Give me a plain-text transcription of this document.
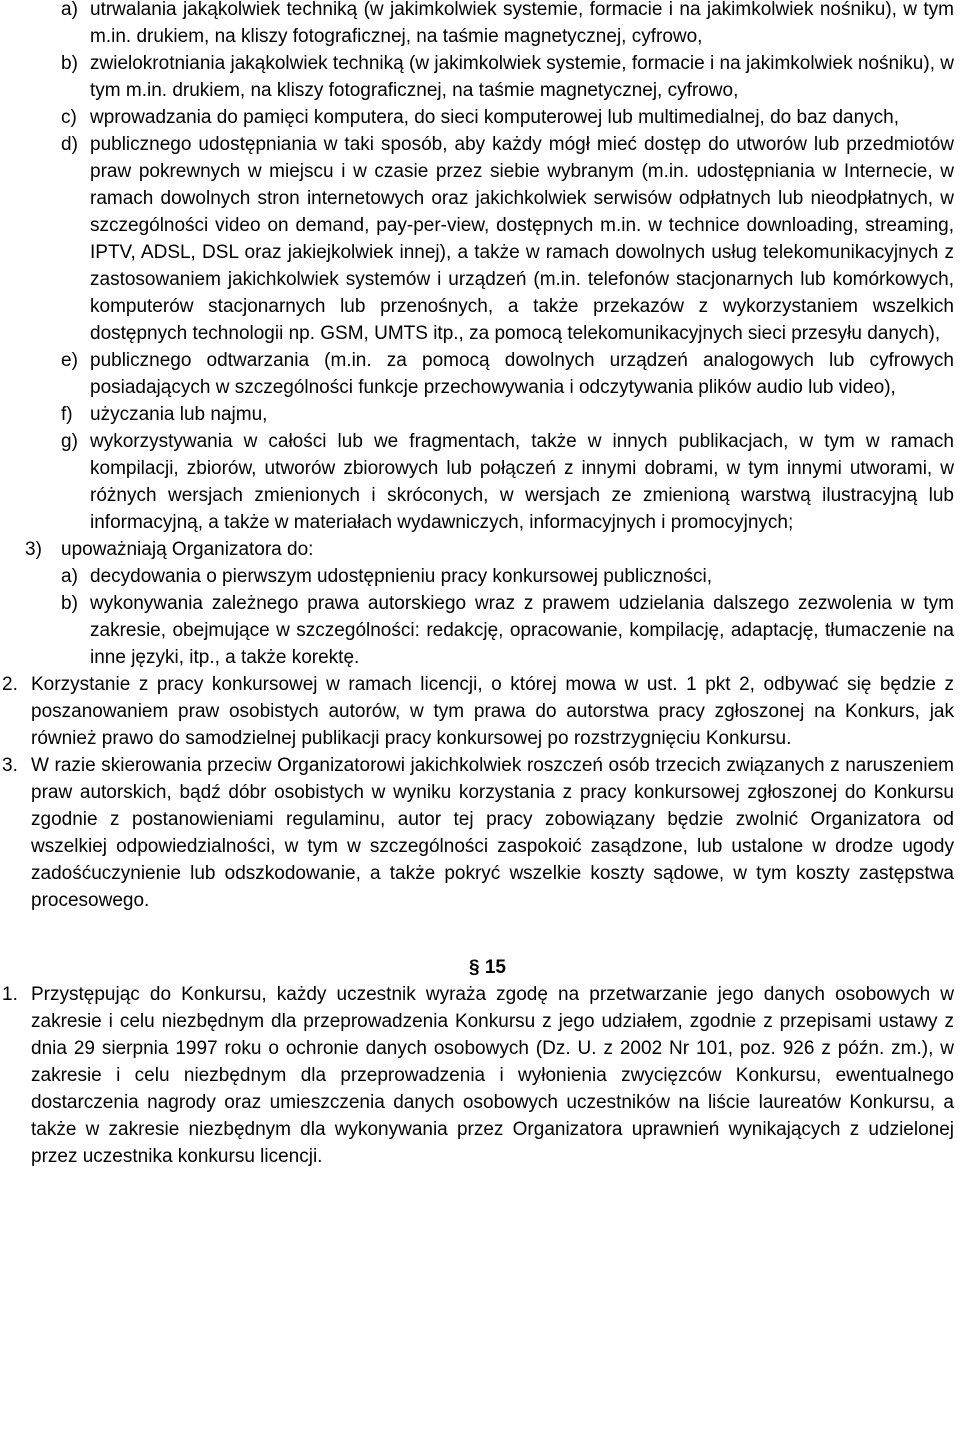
a) utrwalania jakąkolwiek techniką (w jakimkolwiek systemie, formacie i na jakimkolwiek nośniku), w tym m.in. drukiem, na kliszy fotograficznej, na taśmie magnetycznej, cyfrowo,
b) zwielokrotniania jakąkolwiek techniką (w jakimkolwiek systemie, formacie i na jakimkolwiek nośniku), w tym m.in. drukiem, na kliszy fotograficznej, na taśmie magnetycznej, cyfrowo,
c) wprowadzania do pamięci komputera, do sieci komputerowej lub multimedialnej, do baz danych,
d) publicznego udostępniania w taki sposób, aby każdy mógł mieć dostęp do utworów lub przedmiotów praw pokrewnych w miejscu i w czasie przez siebie wybranym (m.in. udostępniania w Internecie, w ramach dowolnych stron internetowych oraz jakichkolwiek serwisów odpłatnych lub nieodpłatnych, w szczególności video on demand, pay-per-view, dostępnych m.in. w technice downloading, streaming, IPTV, ADSL, DSL oraz jakiejkolwiek innej), a także w ramach dowolnych usług telekomunikacyjnych z zastosowaniem jakichkolwiek systemów i urządzeń (m.in. telefonów stacjonarnych lub komórkowych, komputerów stacjonarnych lub przenośnych, a także przekazów z wykorzystaniem wszelkich dostępnych technologii np. GSM, UMTS itp., za pomocą telekomunikacyjnych sieci przesyłu danych),
e) publicznego odtwarzania (m.in. za pomocą dowolnych urządzeń analogowych lub cyfrowych posiadających w szczególności funkcje przechowywania i odczytywania plików audio lub video),
f) użyczania lub najmu,
g) wykorzystywania w całości lub we fragmentach, także w innych publikacjach, w tym w ramach kompilacji, zbiorów, utworów zbiorowych lub połączeń z innymi dobrami, w tym innymi utworami, w różnych wersjach zmienionych i skróconych, w wersjach ze zmienioną warstwą ilustracyjną lub informacyjną, a także w materiałach wydawniczych, informacyjnych i promocyjnych;
3) upoważniają Organizatora do:
a) decydowania o pierwszym udostępnieniu pracy konkursowej publiczności,
b) wykonywania zależnego prawa autorskiego wraz z prawem udzielania dalszego zezwolenia w tym zakresie, obejmujące w szczególności: redakcję, opracowanie, kompilację, adaptację, tłumaczenie na inne języki, itp., a także korektę.
2. Korzystanie z pracy konkursowej w ramach licencji, o której mowa w ust. 1 pkt 2, odbywać się będzie z poszanowaniem praw osobistych autorów, w tym prawa do autorstwa pracy zgłoszonej na Konkurs, jak również prawo do samodzielnej publikacji pracy konkursowej po rozstrzygnięciu Konkursu.
3. W razie skierowania przeciw Organizatorowi jakichkolwiek roszczeń osób trzecich związanych z naruszeniem praw autorskich, bądź dóbr osobistych w wyniku korzystania z pracy konkursowej zgłoszonej do Konkursu zgodnie z postanowieniami regulaminu, autor tej pracy zobowiązany będzie zwolnić Organizatora od wszelkiej odpowiedzialności, w tym w szczególności zaspokoić zasądzone, lub ustalone w drodze ugody zadośćuczynienie lub odszkodowanie, a także pokryć wszelkie koszty sądowe, w tym koszty zastępstwa procesowego.
§ 15
1. Przystępując do Konkursu, każdy uczestnik wyraża zgodę na przetwarzanie jego danych osobowych w zakresie i celu niezbędnym dla przeprowadzenia Konkursu z jego udziałem, zgodnie z przepisami ustawy z dnia 29 sierpnia 1997 roku o ochronie danych osobowych (Dz. U. z 2002 Nr 101, poz. 926 z późn. zm.), w zakresie i celu niezbędnym dla przeprowadzenia i wyłonienia zwycięzców Konkursu, ewentualnego dostarczenia nagrody oraz umieszczenia danych osobowych uczestników na liście laureatów Konkursu, a także w zakresie niezbędnym dla wykonywania przez Organizatora uprawnień wynikających z udzielonej przez uczestnika konkursu licencji.
